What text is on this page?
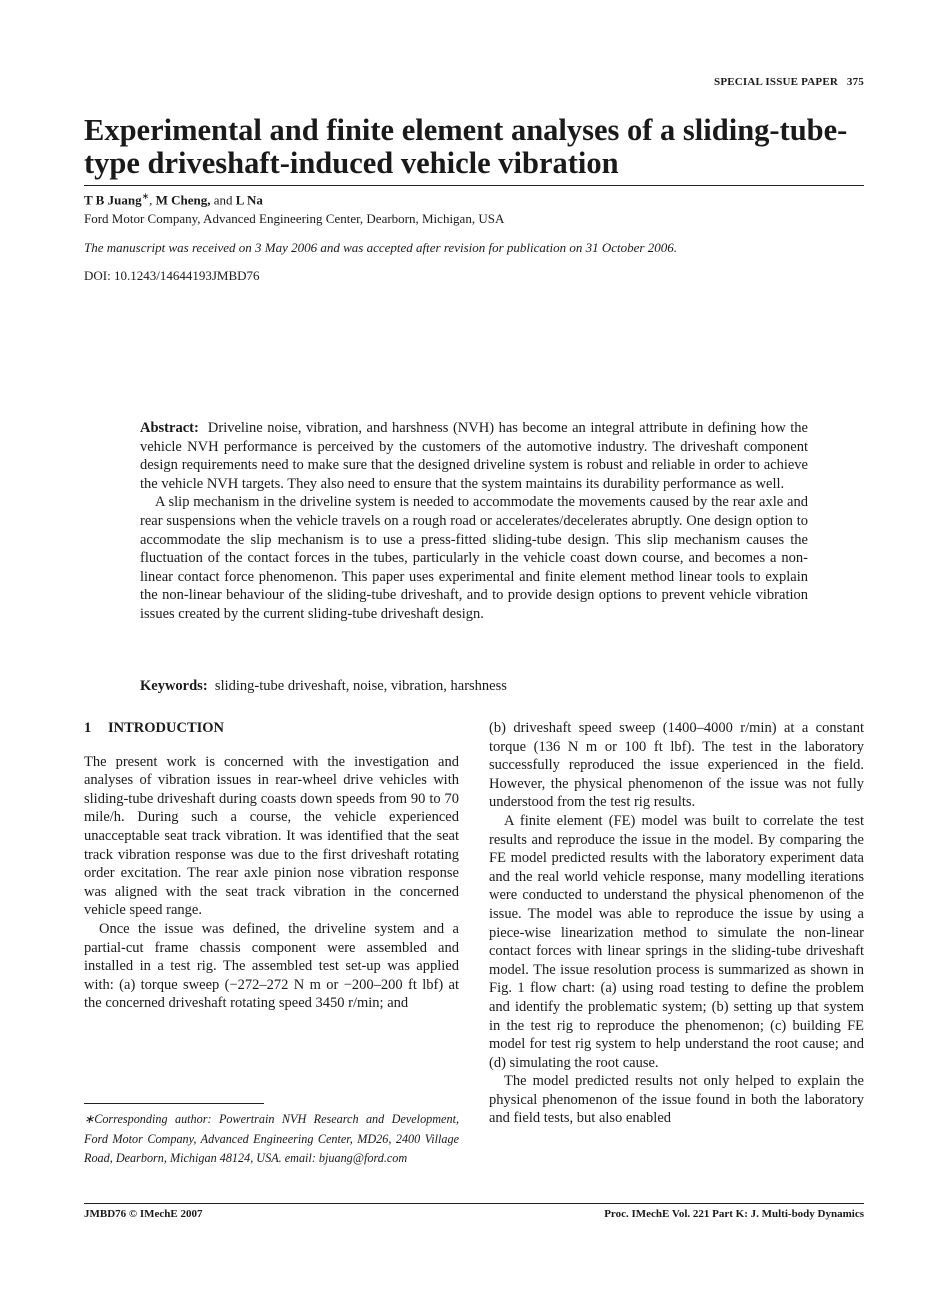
SPECIAL ISSUE PAPER 375
Experimental and finite element analyses of a sliding-tube-type driveshaft-induced vehicle vibration
T B Juang∗, M Cheng, and L Na
Ford Motor Company, Advanced Engineering Center, Dearborn, Michigan, USA
The manuscript was received on 3 May 2006 and was accepted after revision for publication on 31 October 2006.
DOI: 10.1243/14644193JMBD76

Abstract: Driveline noise, vibration, and harshness (NVH) has become an integral attribute in defining how the vehicle NVH performance is perceived by the customers of the automotive industry. The driveshaft component design requirements need to make sure that the designed driveline system is robust and reliable in order to achieve the vehicle NVH targets. They also need to ensure that the system maintains its durability performance as well.

A slip mechanism in the driveline system is needed to accommodate the movements caused by the rear axle and rear suspensions when the vehicle travels on a rough road or accelerates/decelerates abruptly. One design option to accommodate the slip mechanism is to use a press-fitted sliding-tube design. This slip mechanism causes the fluctuation of the contact forces in the tubes, particularly in the vehicle coast down course, and becomes a non-linear contact force phenomenon. This paper uses experimental and finite element method linear tools to explain the non-linear behaviour of the sliding-tube driveshaft, and to provide design options to prevent vehicle vibration issues created by the current sliding-tube driveshaft design.

Keywords: sliding-tube driveshaft, noise, vibration, harshness
1 INTRODUCTION

The present work is concerned with the investigation and analyses of vibration issues in rear-wheel drive vehicles with sliding-tube driveshaft during coasts down speeds from 90 to 70 mile/h. During such a course, the vehicle experienced unacceptable seat track vibration. It was identified that the seat track vibration response was due to the first driveshaft rotating order excitation. The rear axle pinion nose vibration response was aligned with the seat track vibration in the concerned vehicle speed range.

Once the issue was defined, the driveline system and a partial-cut frame chassis component were assembled and installed in a test rig. The assembled test set-up was applied with: (a) torque sweep (−272–272 N m or −200–200 ft lbf) at the concerned driveshaft rotating speed 3450 r/min; and

(b) driveshaft speed sweep (1400–4000 r/min) at a constant torque (136 N m or 100 ft lbf). The test in the laboratory successfully reproduced the issue experienced in the field. However, the physical phenomenon of the issue was not fully understood from the test rig results.

A finite element (FE) model was built to correlate the test results and reproduce the issue in the model. By comparing the FE model predicted results with the laboratory experiment data and the real world vehicle response, many modelling iterations were conducted to understand the physical phenomenon of the issue. The model was able to reproduce the issue by using a piece-wise linearization method to simulate the non-linear contact forces with linear springs in the sliding-tube driveshaft model. The issue resolution process is summarized as shown in Fig. 1 flow chart: (a) using road testing to define the problem and identify the problematic system; (b) setting up that system in the test rig to reproduce the phenomenon; (c) building FE model for test rig system to help understand the root cause; and (d) simulating the root cause.

The model predicted results not only helped to explain the physical phenomenon of the issue found in both the laboratory and field tests, but also enabled

∗Corresponding author: Powertrain NVH Research and Development, Ford Motor Company, Advanced Engineering Center, MD26, 2400 Village Road, Dearborn, Michigan 48124, USA. email: bjuang@ford.com
JMBD76 © IMechE 2007	Proc. IMechE Vol. 221 Part K: J. Multi-body Dynamics
